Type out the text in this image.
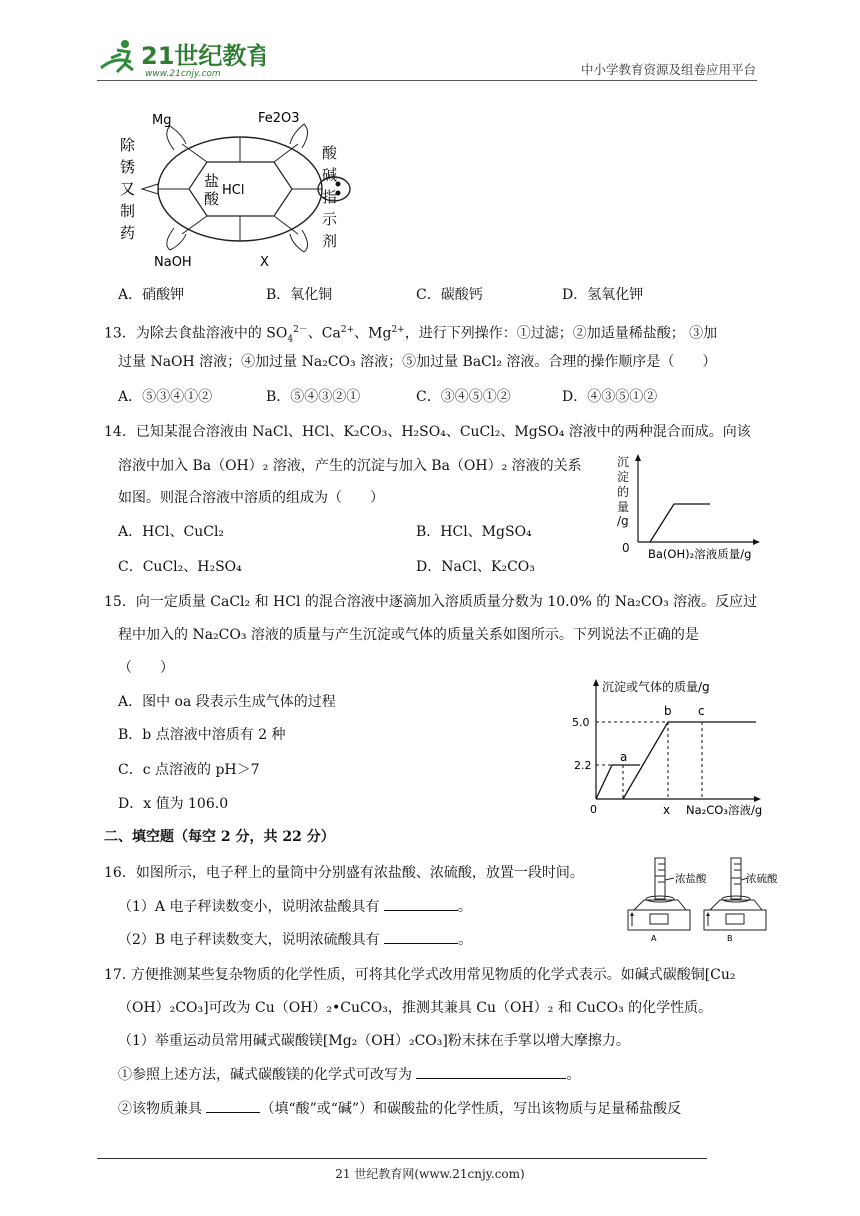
21世纪教育
www.21cnjy.com	中小学教育资源及组卷应用平台
Mg	Fe2O3
NaOH	X
盐
酸 HCl
除
锈
又
制
药
酸
碱
指
示
剂
A．硝酸钾	B．氧化铜	C．碳酸钙	D．氢氧化钾
13．为除去食盐溶液中的 $SO_4^{2-}$、$Ca^{2+}$、$Mg^{2+}$，进行下列操作：①过滤；②加适量稀盐酸； ③加
过量 NaOH 溶液；④加过量 Na₂CO₃ 溶液；⑤加过量 BaCl₂ 溶液。合理的操作顺序是（　　）
A．⑤③④①②	B．⑤④③②①	C．③④⑤①②	D．④③⑤①②
14．已知某混合溶液由 NaCl、HCl、K₂CO₃、H₂SO₄、CuCl₂、MgSO₄ 溶液中的两种混合而成。向该
溶液中加入 Ba（OH）₂ 溶液，产生的沉淀与加入 Ba（OH）₂ 溶液的关系
如图。则混合溶液中溶质的组成为（　　）
A．HCl、CuCl₂	B．HCl、MgSO₄
C．CuCl₂、H₂SO₄	D．NaCl、K₂CO₃
沉
淀
的
量
/g
0 Ba(OH)₂溶液质量/g
15．向一定质量 CaCl₂ 和 HCl 的混合溶液中逐滴加入溶质质量分数为 10.0% 的 Na₂CO₃ 溶液。反应过
程中加入的 Na₂CO₃ 溶液的质量与产生沉淀或气体的质量关系如图所示。下列说法不正确的是
（　　）
A．图中 oa 段表示生成气体的过程
B．b 点溶液中溶质有 2 种
C．c 点溶液的 pH＞7
D．x 值为 106.0
沉淀或气体的质量/g
5.0
2.2
0
a
b c
x Na₂CO₃溶液/g
二、填空题（每空 2 分，共 22 分）
16．如图所示，电子秤上的量筒中分别盛有浓盐酸、浓硫酸，放置一段时间。
（1）A 电子秤读数变小，说明浓盐酸具有	。
（2）B 电子秤读数变大，说明浓硫酸具有	。
浓盐酸
A
浓硫酸
B
17. 方便推测某些复杂物质的化学性质，可将其化学式改用常见物质的化学式表示。如碱式碳酸铜[Cu₂
（OH）₂CO₃]可改为 Cu（OH）₂•CuCO₃，推测其兼具 Cu（OH）₂ 和 CuCO₃ 的化学性质。
（1）举重运动员常用碱式碳酸镁[Mg₂（OH）₂CO₃]粉末抹在手掌以增大摩擦力。
①参照上述方法，碱式碳酸镁的化学式可改写为	。
②该物质兼具	（填“酸”或“碱”）和碳酸盐的化学性质，写出该物质与足量稀盐酸反
21 世纪教育网(www.21cnjy.com)
